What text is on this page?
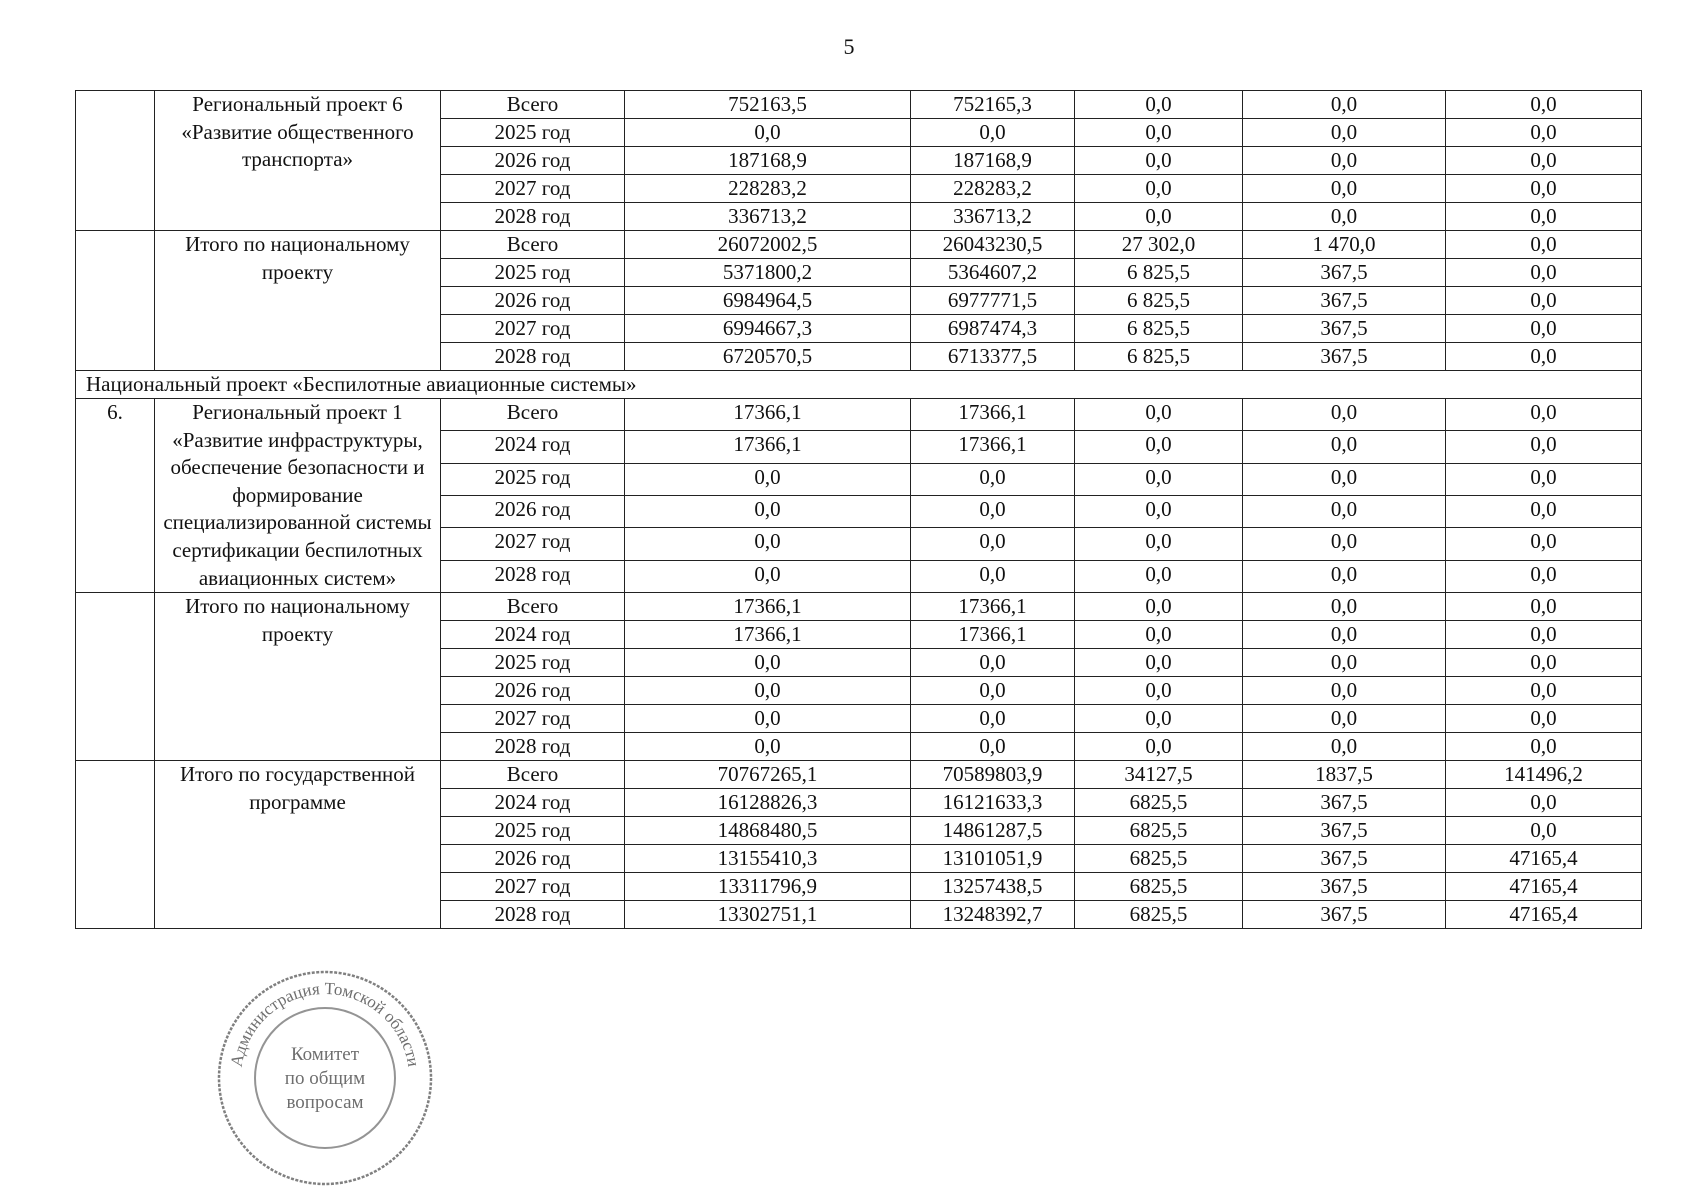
5
	Региональный проект 6 «Развитие общественного транспорта»	Всего	752163,5	752165,3	0,0	0,0	0,0
		2025 год	0,0	0,0	0,0	0,0	0,0
		2026 год	187168,9	187168,9	0,0	0,0	0,0
		2027 год	228283,2	228283,2	0,0	0,0	0,0
		2028 год	336713,2	336713,2	0,0	0,0	0,0
	Итого по национальному проекту	Всего	26072002,5	26043230,5	27 302,0	1 470,0	0,0
		2025 год	5371800,2	5364607,2	6 825,5	367,5	0,0
		2026 год	6984964,5	6977771,5	6 825,5	367,5	0,0
		2027 год	6994667,3	6987474,3	6 825,5	367,5	0,0
		2028 год	6720570,5	6713377,5	6 825,5	367,5	0,0
Национальный проект «Беспилотные авиационные системы»							
6.	Региональный проект 1 «Развитие инфраструктуры, обеспечение безопасности и формирование специализированной системы сертификации беспилотных авиационных систем»	Всего	17366,1	17366,1	0,0	0,0	0,0
		2024 год	17366,1	17366,1	0,0	0,0	0,0
		2025 год	0,0	0,0	0,0	0,0	0,0
		2026 год	0,0	0,0	0,0	0,0	0,0
		2027 год	0,0	0,0	0,0	0,0	0,0
		2028 год	0,0	0,0	0,0	0,0	0,0
	Итого по национальному проекту	Всего	17366,1	17366,1	0,0	0,0	0,0
		2024 год	17366,1	17366,1	0,0	0,0	0,0
		2025 год	0,0	0,0	0,0	0,0	0,0
		2026 год	0,0	0,0	0,0	0,0	0,0
		2027 год	0,0	0,0	0,0	0,0	0,0
		2028 год	0,0	0,0	0,0	0,0	0,0
	Итого по государственной программе	Всего	70767265,1	70589803,9	34127,5	1837,5	141496,2
		2024 год	16128826,3	16121633,3	6825,5	367,5	0,0
		2025 год	14868480,5	14861287,5	6825,5	367,5	0,0
		2026 год	13155410,3	13101051,9	6825,5	367,5	47165,4
		2027 год	13311796,9	13257438,5	6825,5	367,5	47165,4
		2028 год	13302751,1	13248392,7	6825,5	367,5	47165,4
Администрация Томской области
Комитет
по общим
вопросам
